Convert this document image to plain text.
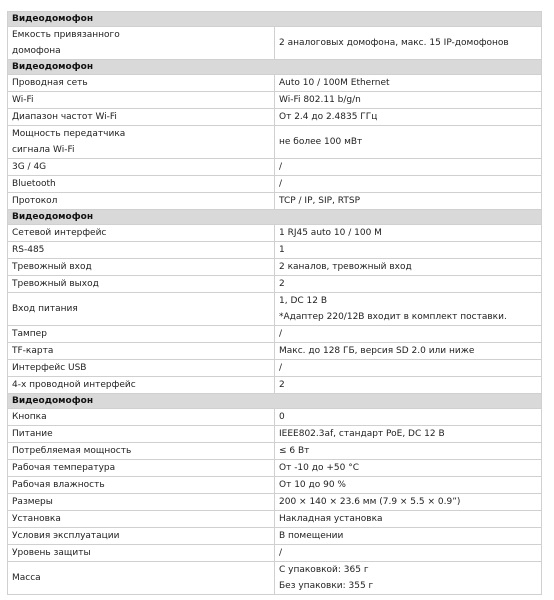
Видеодомофон	

Емкость привязанного
домофона	2 аналоговых домофона, макс. 15 IP-домофонов

Видеодомофон	

Проводная сеть	Auto 10 / 100M Ethernet

Wi-Fi	Wi-Fi 802.11 b/g/n

Диапазон частот Wi-Fi	От 2.4 до 2.4835 ГГц

Мощность передатчика
сигнала Wi-Fi	не более 100 мВт

3G / 4G	/

Bluetooth	/

Протокол	TCP / IP, SIP, RTSP

Видеодомофон	

Сетевой интерфейс	1 RJ45 auto 10 / 100 M

RS-485	1

Тревожный вход	2 каналов, тревожный вход

Тревожный выход	2

Вход питания	1, DC 12 B
*Адаптер 220/12В входит в комплект поставки.

Тампер	/

TF-карта	Макс. до 128 ГБ, версия SD 2.0 или ниже

Интерфейс USB	/

4-х проводной интерфейс	2

Видеодомофон	

Кнопка	0

Питание	IEEE802.3af, стандарт PoE, DC 12 B

Потребляемая мощность	≤ 6 Вт

Рабочая температура	От -10 до +50 °С

Рабочая влажность	От 10 до 90 %

Размеры	200 × 140 × 23.6 мм (7.9 × 5.5 × 0.9”)

Установка	Накладная установка

Условия эксплуатации	В помещении

Уровень защиты	/

Масса	С упаковкой: 365 г
Без упаковки: 355 г
